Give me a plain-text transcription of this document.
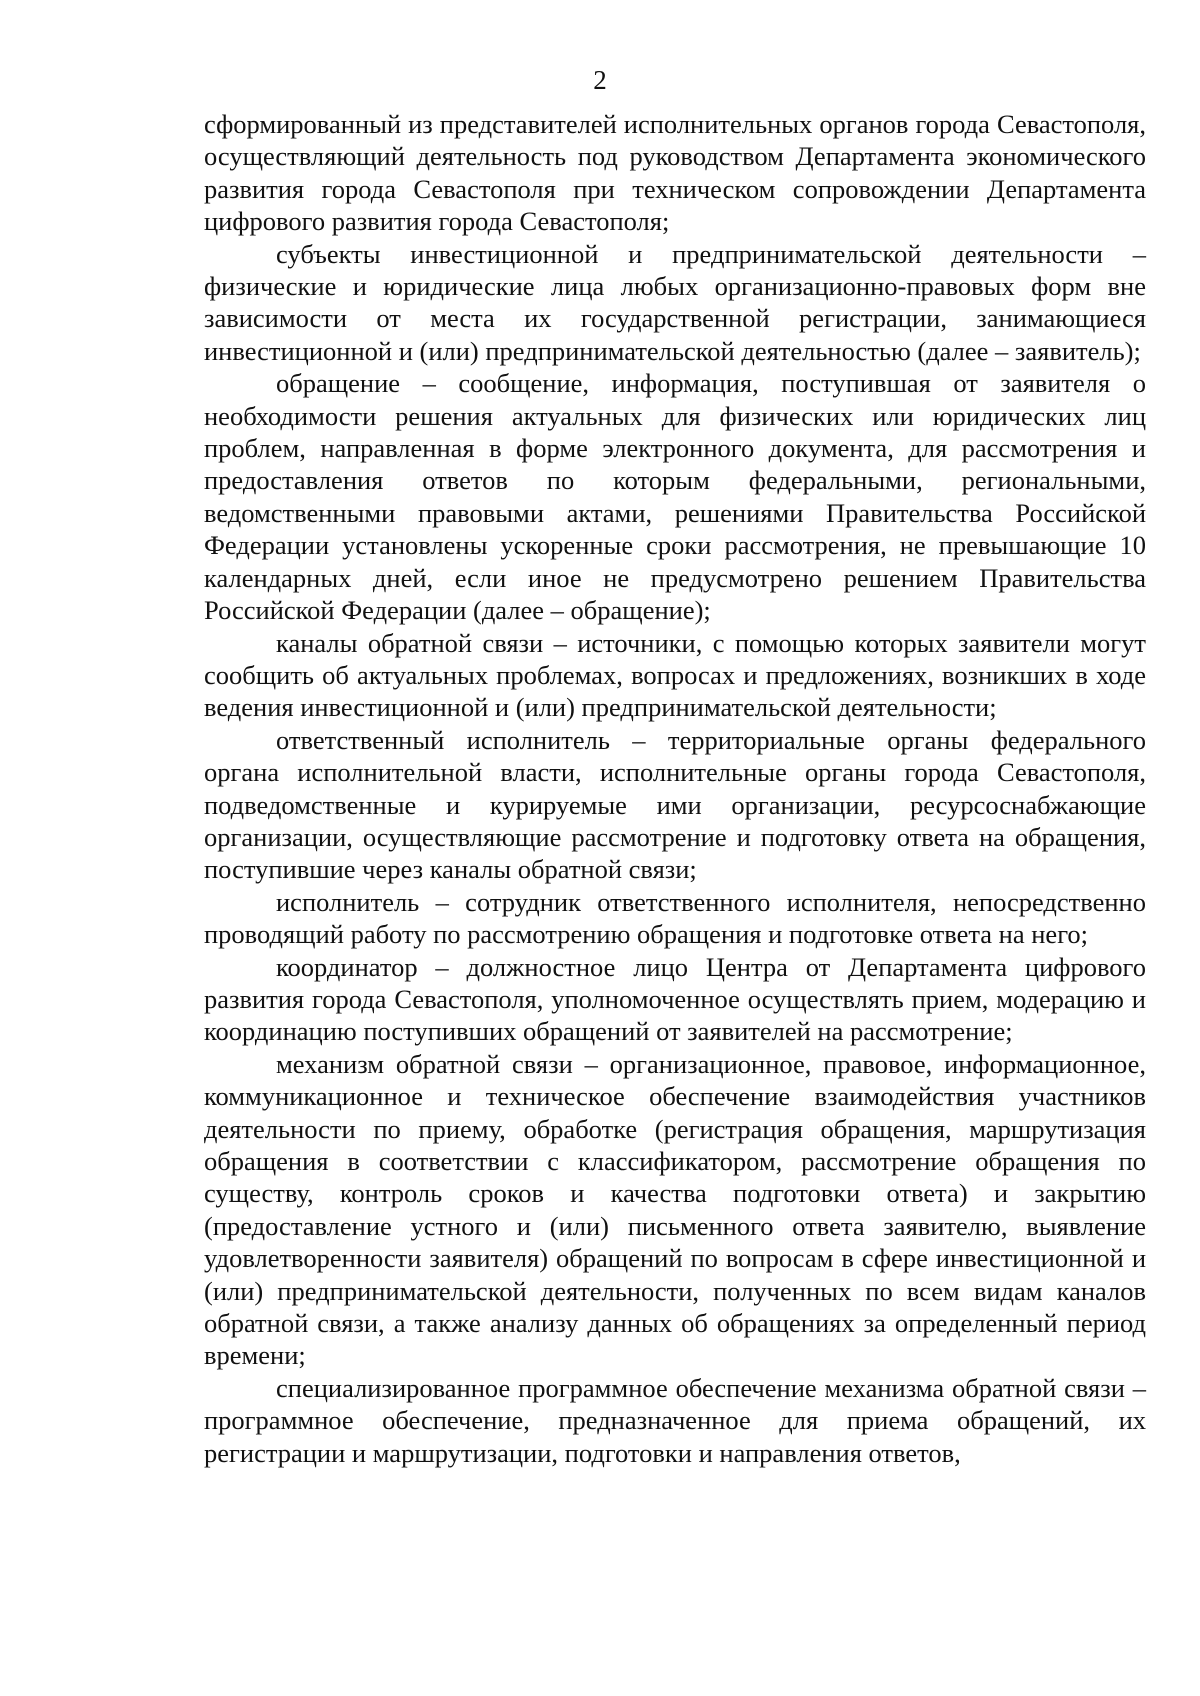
2

сформированный из представителей исполнительных органов города Севастополя, осуществляющий деятельность под руководством Департамента экономического развития города Севастополя при техническом сопровождении Департамента цифрового развития города Севастополя;

субъекты инвестиционной и предпринимательской деятельности – физические и юридические лица любых организационно-правовых форм вне зависимости от места их государственной регистрации, занимающиеся инвестиционной и (или) предпринимательской деятельностью (далее – заявитель);

обращение – сообщение, информация, поступившая от заявителя о необходимости решения актуальных для физических или юридических лиц проблем, направленная в форме электронного документа, для рассмотрения и предоставления ответов по которым федеральными, региональными, ведомственными правовыми актами, решениями Правительства Российской Федерации установлены ускоренные сроки рассмотрения, не превышающие 10 календарных дней, если иное не предусмотрено решением Правительства Российской Федерации (далее – обращение);

каналы обратной связи – источники, с помощью которых заявители могут сообщить об актуальных проблемах, вопросах и предложениях, возникших в ходе ведения инвестиционной и (или) предпринимательской деятельности;

ответственный исполнитель – территориальные органы федерального органа исполнительной власти, исполнительные органы города Севастополя, подведомственные и курируемые ими организации, ресурсоснабжающие организации, осуществляющие рассмотрение и подготовку ответа на обращения, поступившие через каналы обратной связи;

исполнитель – сотрудник ответственного исполнителя, непосредственно проводящий работу по рассмотрению обращения и подготовке ответа на него;

координатор – должностное лицо Центра от Департамента цифрового развития города Севастополя, уполномоченное осуществлять прием, модерацию и координацию поступивших обращений от заявителей на рассмотрение;

механизм обратной связи – организационное, правовое, информационное, коммуникационное и техническое обеспечение взаимодействия участников деятельности по приему, обработке (регистрация обращения, маршрутизация обращения в соответствии с классификатором, рассмотрение обращения по существу, контроль сроков и качества подготовки ответа) и закрытию (предоставление устного и (или) письменного ответа заявителю, выявление удовлетворенности заявителя) обращений по вопросам в сфере инвестиционной и (или) предпринимательской деятельности, полученных по всем видам каналов обратной связи, а также анализу данных об обращениях за определенный период времени;

специализированное программное обеспечение механизма обратной связи – программное обеспечение, предназначенное для приема обращений, их регистрации и маршрутизации, подготовки и направления ответов,
